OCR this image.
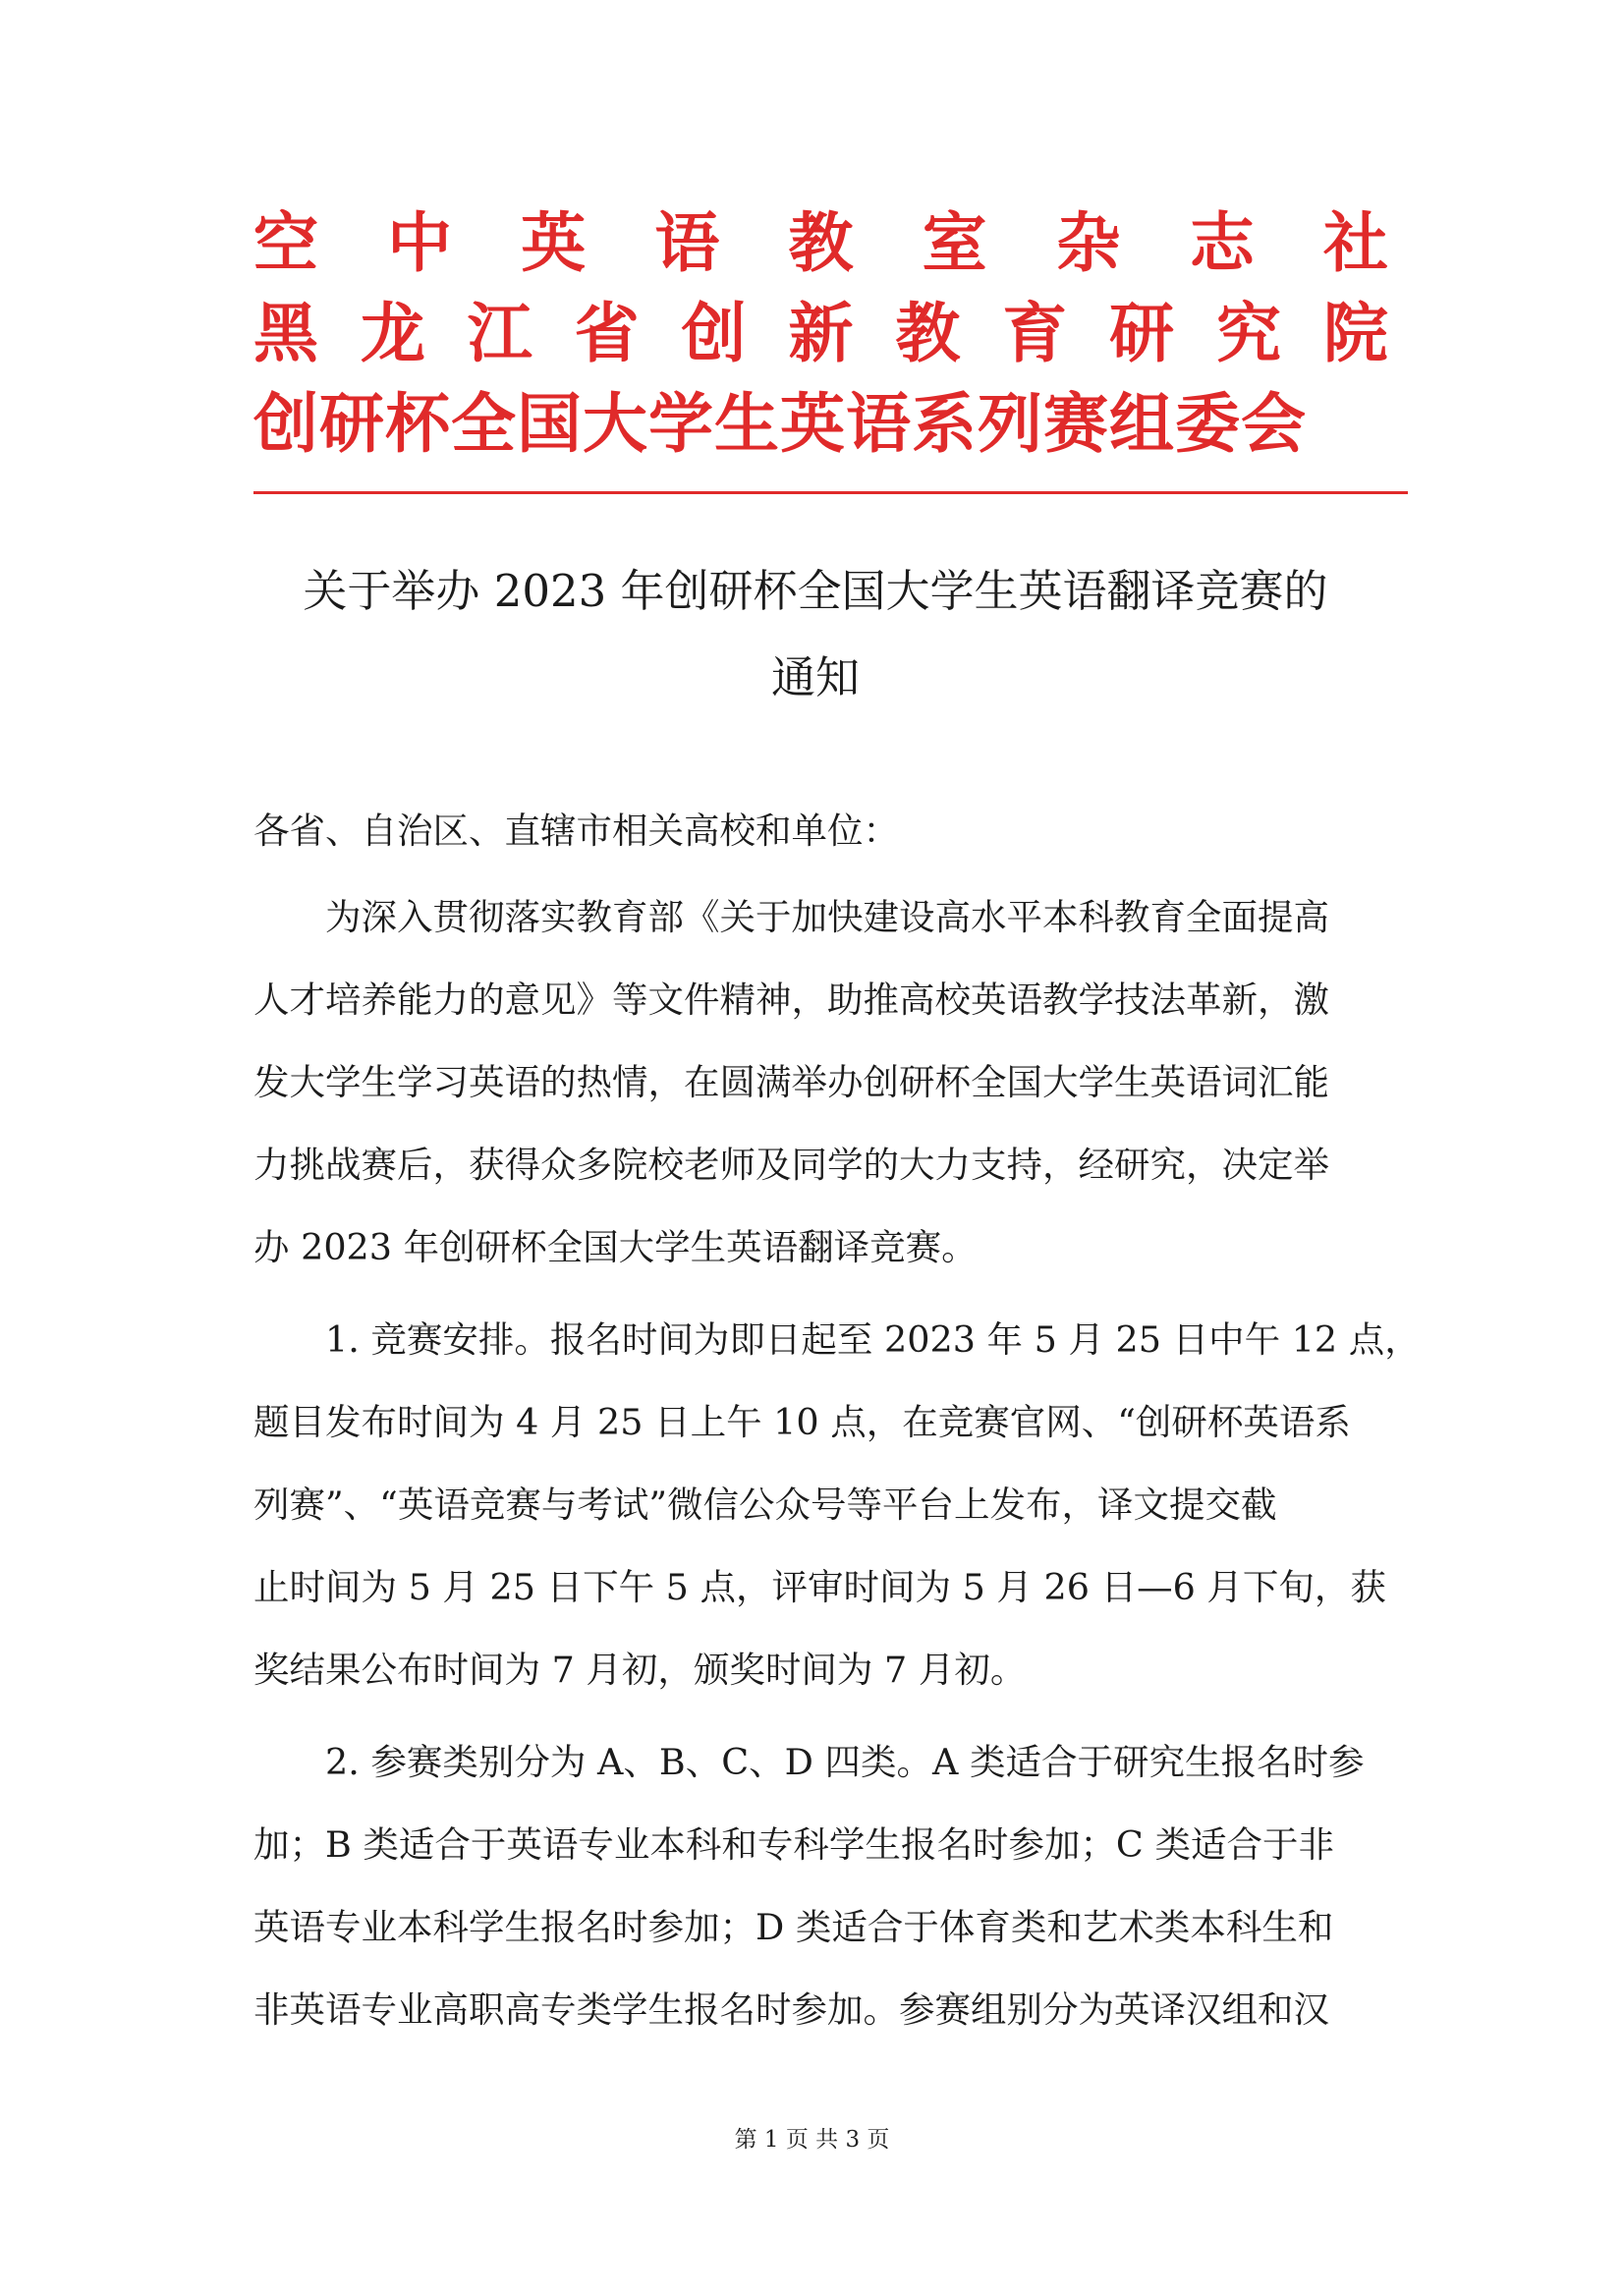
空 中 英 语 教 室 杂 志 社
黑 龙 江 省 创 新 教 育 研 究 院
创研杯全国大学生英语系列赛组委会
关于举办 2023 年创研杯全国大学生英语翻译竞赛的
通知
各省、自治区、直辖市相关高校和单位：
为深入贯彻落实教育部《关于加快建设高水平本科教育全面提高
人才培养能力的意见》等文件精神，助推高校英语教学技法革新，激
发大学生学习英语的热情，在圆满举办创研杯全国大学生英语词汇能
力挑战赛后，获得众多院校老师及同学的大力支持，经研究，决定举
办 2023 年创研杯全国大学生英语翻译竞赛。
1. 竞赛安排。报名时间为即日起至 2023 年 5 月 25 日中午 12 点，
题目发布时间为 4 月 25 日上午 10 点，在竞赛官网、“创研杯英语系
列赛”、“英语竞赛与考试”微信公众号等平台上发布，译文提交截
止时间为 5 月 25 日下午 5 点，评审时间为 5 月 26 日—6 月下旬，获
奖结果公布时间为 7 月初，颁奖时间为 7 月初。
2. 参赛类别分为 A、B、C、D 四类。A 类适合于研究生报名时参
加；B 类适合于英语专业本科和专科学生报名时参加；C 类适合于非
英语专业本科学生报名时参加；D 类适合于体育类和艺术类本科生和
非英语专业高职高专类学生报名时参加。参赛组别分为英译汉组和汉
第 1 页 共 3 页
